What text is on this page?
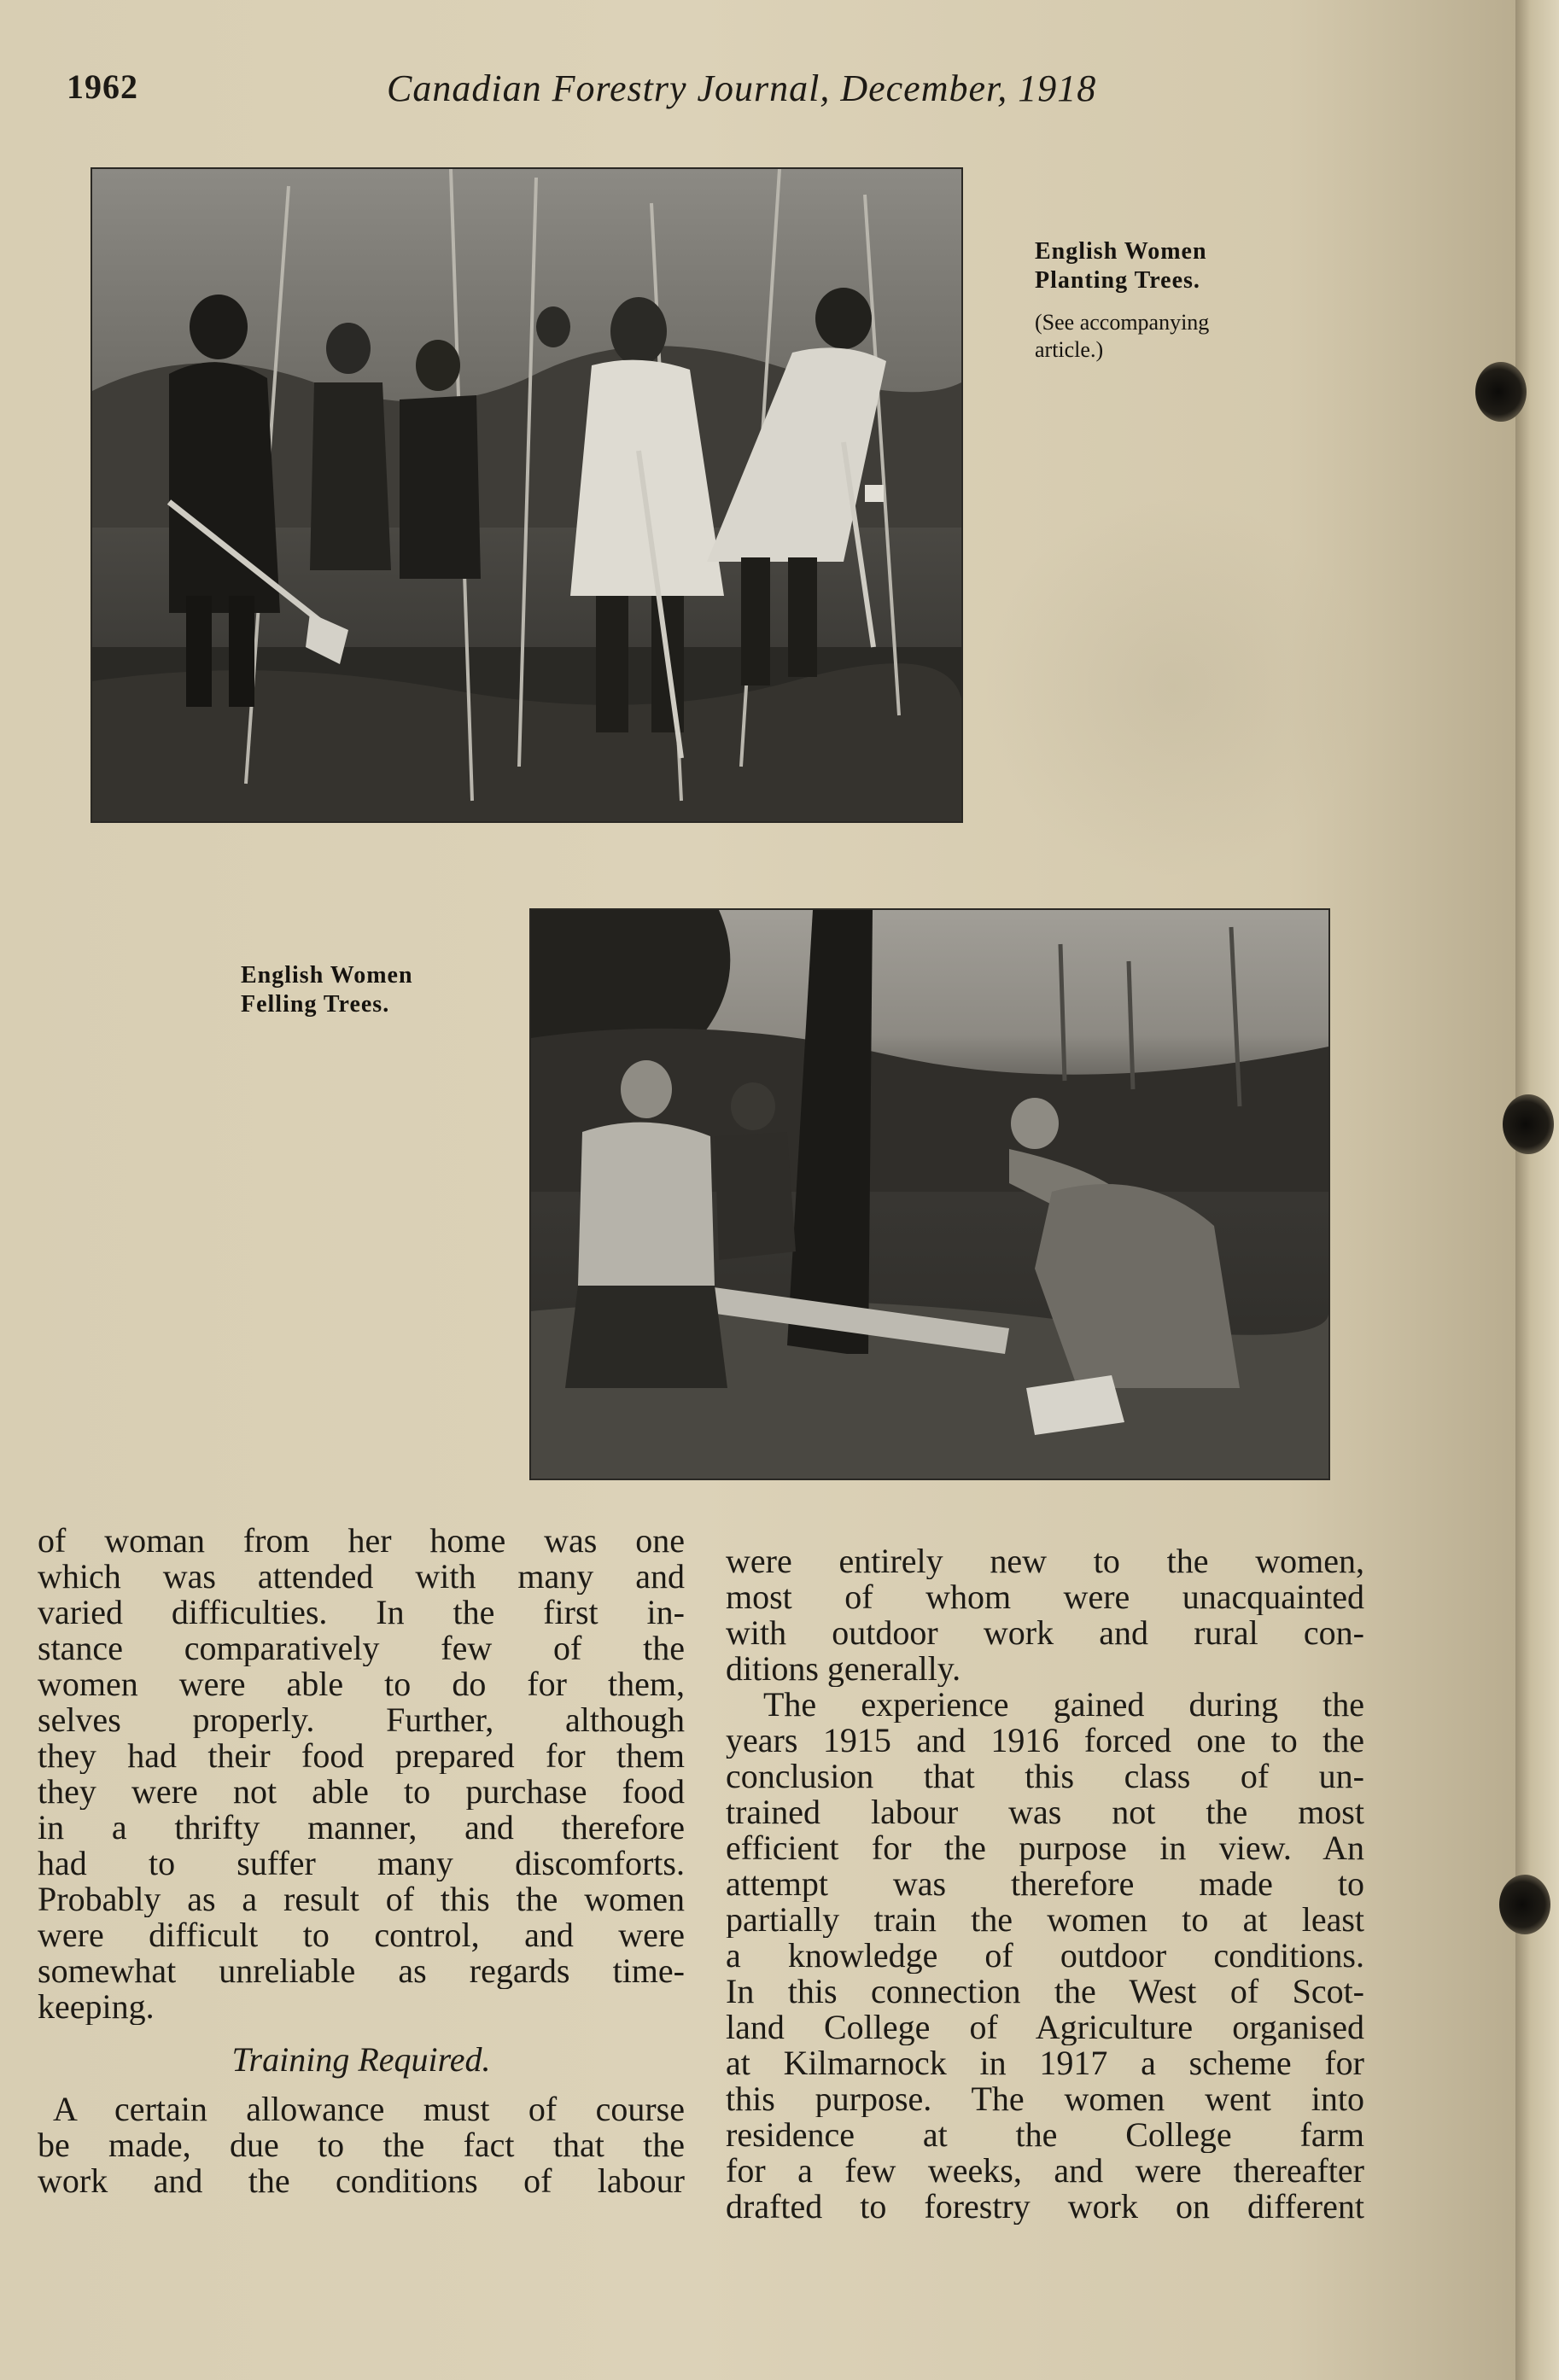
1962	Canadian Forestry Journal, December, 1918
English Women
Planting Trees.
(See accompanying
article.)
English Women
Felling Trees.
of woman from her home was one
which was attended with many and
varied difficulties. In the first in-
stance comparatively few of the
women were able to do for them,
selves properly. Further, although
they had their food prepared for them
they were not able to purchase food
in a thrifty manner, and therefore
had to suffer many discomforts.
Probably as a result of this the women
were difficult to control, and were
somewhat unreliable as regards time-
keeping.
Training Required.
A certain allowance must of course
be made, due to the fact that the
work and the conditions of labour
were entirely new to the women,
most of whom were unacquainted
with outdoor work and rural con-
ditions generally.
The experience gained during the
years 1915 and 1916 forced one to the
conclusion that this class of un-
trained labour was not the most
efficient for the purpose in view. An
attempt was therefore made to
partially train the women to at least
a knowledge of outdoor conditions.
In this connection the West of Scot-
land College of Agriculture organised
at Kilmarnock in 1917 a scheme for
this purpose. The women went into
residence at the College farm
for a few weeks, and were thereafter
drafted to forestry work on different
